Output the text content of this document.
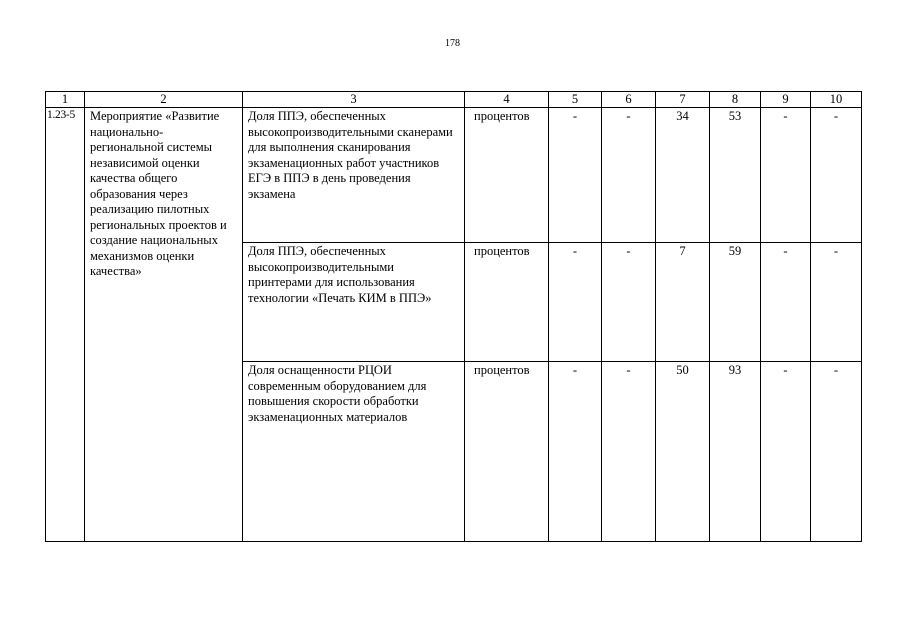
178
1	2	3	4	5	6	7	8	9	10
1.23-5	Мероприятие «Развитие национально-региональной системы независимой оценки качества общего образования через реализацию пилотных региональных проектов и создание национальных механизмов оценки качества»	Доля ППЭ, обеспеченных высокопроизводительными сканерами для выполнения сканирования экзаменационных работ участников ЕГЭ в ППЭ в день проведения экзамена	процентов	-	-	34	53	-	-
		Доля ППЭ, обеспеченных высокопроизводительными принтерами для использования технологии «Печать КИМ в ППЭ»	процентов	-	-	7	59	-	-
		Доля оснащенности РЦОИ современным оборудованием для повышения скорости обработки экзаменационных материалов	процентов	-	-	50	93	-	-
